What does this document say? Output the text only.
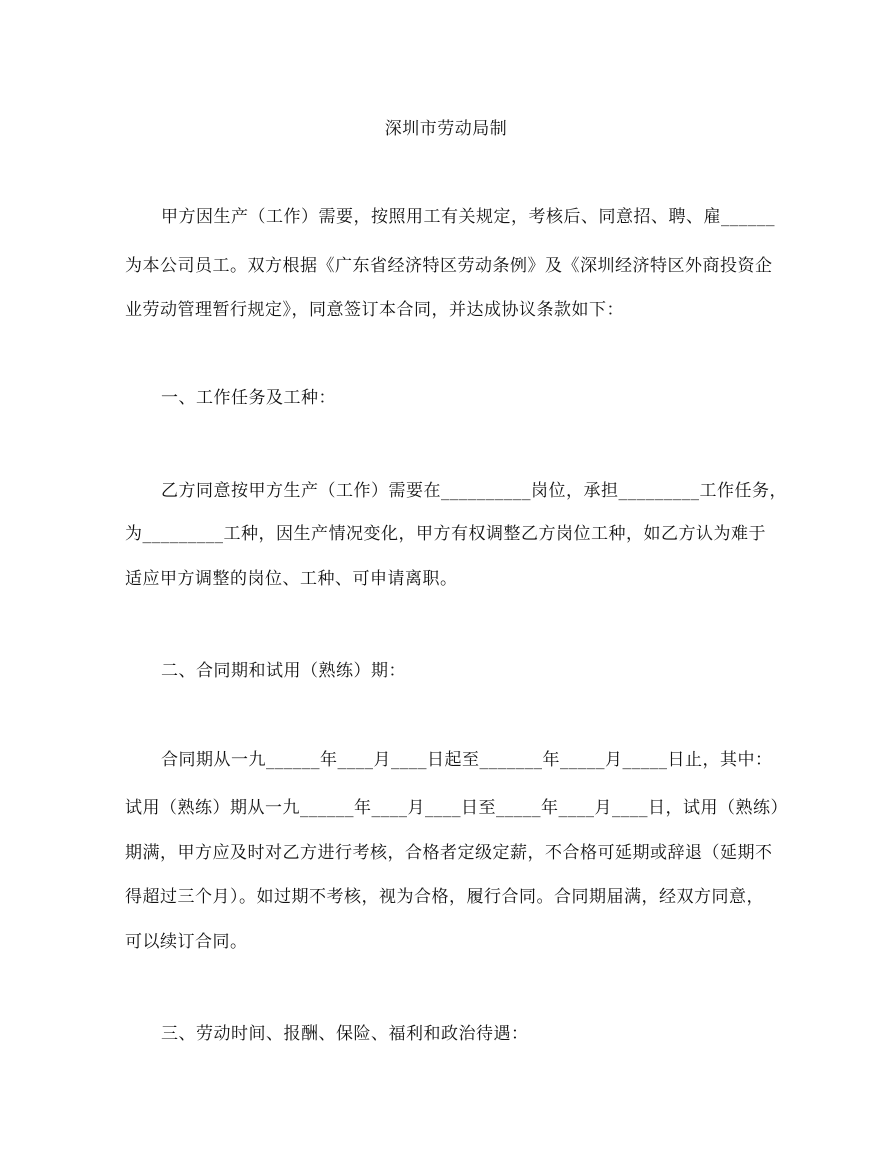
深圳市劳动局制
甲方因生产（工作）需要，按照用工有关规定，考核后、同意招、聘、雇______
为本公司员工。双方根据《广东省经济特区劳动条例》及《深圳经济特区外商投资企
业劳动管理暂行规定》，同意签订本合同，并达成协议条款如下：
一、工作任务及工种：
乙方同意按甲方生产（工作）需要在__________岗位，承担_________工作任务，
为_________工种，因生产情况变化，甲方有权调整乙方岗位工种，如乙方认为难于
适应甲方调整的岗位、工种、可申请离职。
二、合同期和试用（熟练）期：
合同期从一九______年____月____日起至_______年_____月_____日止，其中：
试用（熟练）期从一九______年____月____日至_____年____月____日，试用（熟练）
期满，甲方应及时对乙方进行考核，合格者定级定薪，不合格可延期或辞退（延期不
得超过三个月）。如过期不考核，视为合格，履行合同。合同期届满，经双方同意，
可以续订合同。
三、劳动时间、报酬、保险、福利和政治待遇：
